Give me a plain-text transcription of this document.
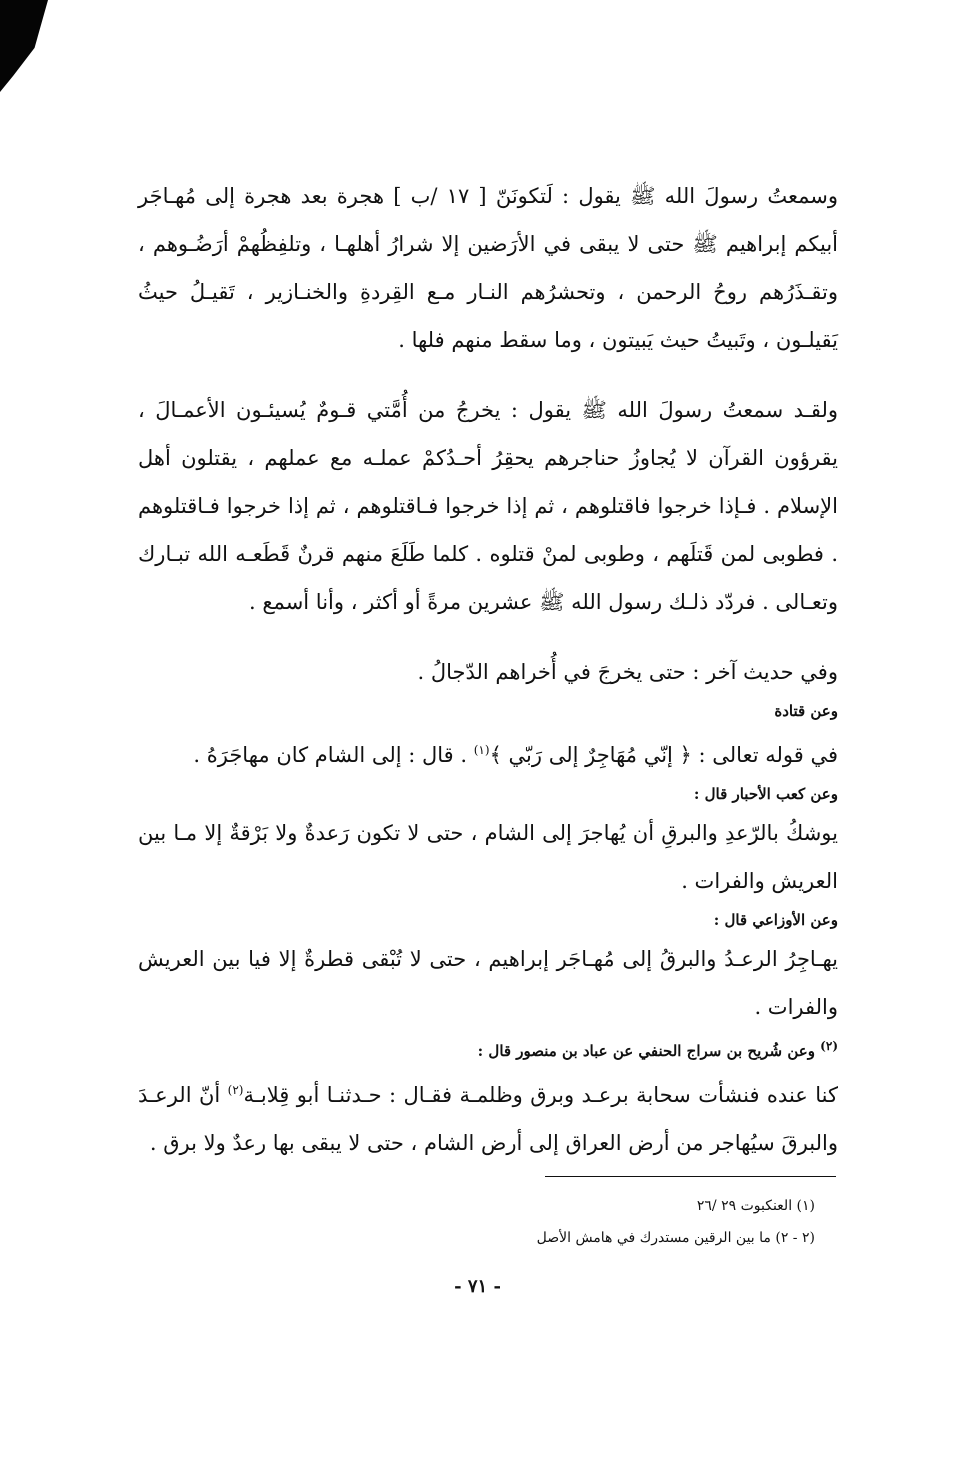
وسمعتُ رسولَ الله ﷺ يقول : لَتكونَنّ [ ١٧ /ب ] هجرة بعد هجرة إلى مُهـاجَر أبيكم إبراهيم ﷺ حتى لا يبقى في الأرَضين إلا شرارُ أهلهـا ، وتلفِظُهمْ أرَضُـوهم ، وتقـذَرُهم روحُ الرحمن ، وتحشرُهم النـار مـع القِردةِ والخنـازير ، تَقيـلُ حيثُ يَقيلـون ، وتَبيتُ حيث يَبيتون ، وما سقط منهم فلها .

ولقـد سمعتُ رسولَ الله ﷺ يقول : يخرجُ من أُمَّتي قـومٌ يُسيئـون الأعمـالَ ، يقرؤون القرآن لا يُجاوزُ حناجرهم يحقِرُ أحـدُكمْ عملـه مع عملهم ، يقتلون أهل الإسلام . فـإذا خرجوا فاقتلوهم ، ثم إذا خرجوا فـاقتلوهم ، ثم إذا خرجوا فـاقتلوهم . فطوبى لمن قَتلَهم ، وطوبى لمنْ قتلوه . كلما طَلَعَ منهم قرنٌ قَطَعـه الله تبـارك وتعـالى . فردّد ذلـك رسول الله ﷺ عشرين مرةً أو أكثر ، وأنا أسمع .

وفي حديث آخر : حتى يخرجَ في أُخراهم الدّجالُ .

وعن قتادة

في قوله تعالى : ﴿ إنّي مُهَاجِرٌ إلى رَبّي ﴾$^{(١)}$ . قال : إلى الشام كان مهاجَرَهُ .

وعن كعب الأحبار قال :

يوشكُ بالرّعدِ والبرقِ أن يُهاجرَ إلى الشام ، حتى لا تكون رَعدةٌ ولا بَرْقةٌ إلا مـا بين العريش والفرات .

وعن الأوزاعي قال :

يهـاجِرُ الرعـدُ والبرقُ إلى مُهـاجَر إبراهيم ، حتى لا تُبْقى قطرةٌ إلا فيا بين العريش والفرات .

$^{(٢)}$ وعن شُريح بن سراج الحنفي عن عباد بن منصور قال :

كنا عنده فنشأت سحابة برعـد وبرق وظلمـة فقـال : حـدثنـا أبو قِلابـة$^{(٢)}$ أنّ الرعـدَ والبرقَ سيُهاجر من أرض العراق إلى أرض الشام ، حتى لا يبقى بها رعدٌ ولا برق .

(١) العنكبوت ٢٩ /٢٦
(٢ - ٢) ما بين الرقين مستدرك في هامش الأصل
- ٧١ -
